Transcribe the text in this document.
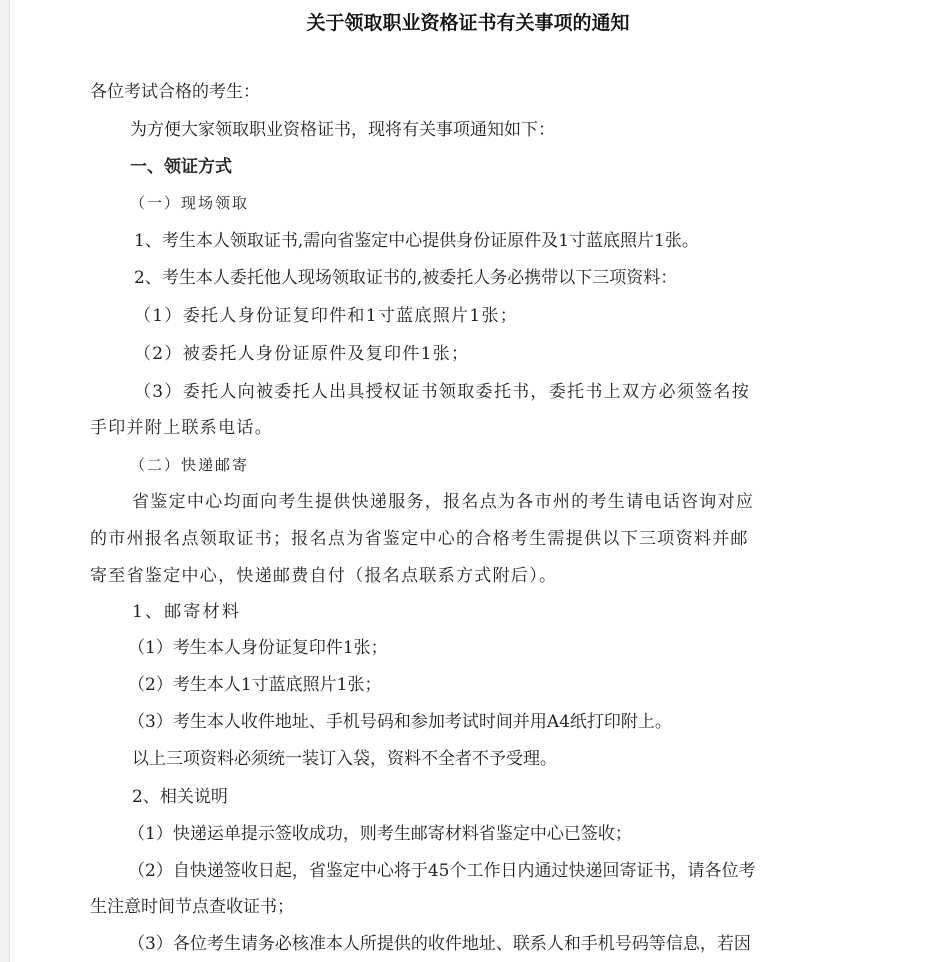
关于领取职业资格证书有关事项的通知
各位考试合格的考生：
为方便大家领取职业资格证书，现将有关事项通知如下：
一、领证方式
（一）现场领取
1、考生本人领取证书,需向省鉴定中心提供身份证原件及1寸蓝底照片1张。
2、考生本人委托他人现场领取证书的,被委托人务必携带以下三项资料：
（1）委托人身份证复印件和1寸蓝底照片1张；
（2）被委托人身份证原件及复印件1张；
（3）委托人向被委托人出具授权证书领取委托书，委托书上双方必须签名按
手印并附上联系电话。
（二）快递邮寄
省鉴定中心均面向考生提供快递服务，报名点为各市州的考生请电话咨询对应
的市州报名点领取证书；报名点为省鉴定中心的合格考生需提供以下三项资料并邮
寄至省鉴定中心，快递邮费自付（报名点联系方式附后）。
1、邮寄材料
（1）考生本人身份证复印件1张；
（2）考生本人1寸蓝底照片1张；
（3）考生本人收件地址、手机号码和参加考试时间并用A4纸打印附上。
以上三项资料必须统一装订入袋，资料不全者不予受理。
2、相关说明
（1）快递运单提示签收成功，则考生邮寄材料省鉴定中心已签收；
（2）自快递签收日起，省鉴定中心将于45个工作日内通过快递回寄证书，请各位考
生注意时间节点查收证书；
（3）各位考生请务必核准本人所提供的收件地址、联系人和手机号码等信息，若因
